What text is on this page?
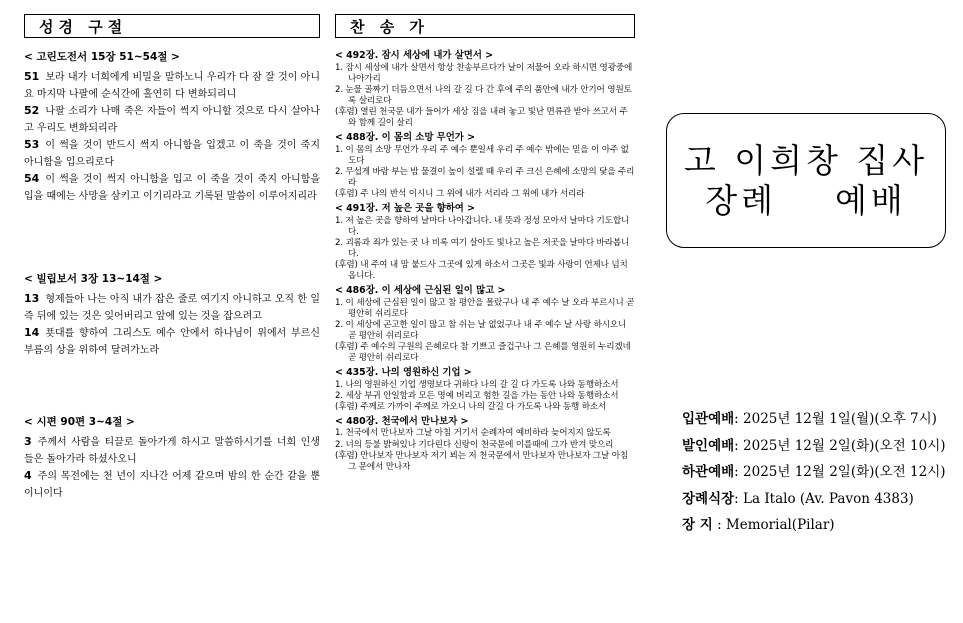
성경 구절

< 고린도전서 15장 51~54절 >

51 보라 내가 너희에게 비밀을 말하노니 우리가 다 잠 잘 것이 아니요 마지막 나팔에 순식간에 홀연히 다 변화되리니

52 나팔 소리가 나매 죽은 자들이 썩지 아니할 것으로 다시 살아나고 우리도 변화되리라

53 이 썩을 것이 반드시 썩지 아니함을 입겠고 이 죽을 것이 죽지 아니함을 입으리로다

54 이 썩을 것이 썩지 아니함을 입고 이 죽을 것이 죽지 아니함을 입을 때에는 사망을 삼키고 이기리라고 기록된 말씀이 이루어지리라

< 빌립보서 3장 13~14절 >

13 형제들아 나는 아직 내가 잡은 줄로 여기지 아니하고 오직 한 일 즉 뒤에 있는 것은 잊어버리고 앞에 있는 것을 잡으려고

14 푯대를 향하여 그리스도 예수 안에서 하나님이 위에서 부르신 부름의 상을 위하여 달려가노라

< 시편 90편 3~4절 >

3 주께서 사람을 티끌로 돌아가게 하시고 말씀하시기를 너희 인생들은 돌아가라 하셨사오니

4 주의 목전에는 천 년이 지나간 어제 같으며 밤의 한 순간 같을 뿐이니이다

찬 송 가

< 492장. 잠시 세상에 내가 살면서 >

1. 잠시 세상에 내가 살면서 항상 찬송부르다가 날이 저물어 오라 하시면 영광중에 나아가리

2. 눈물 골짜기 더듬으면서 나의 갈 길 다 간 후에 주의 품안에 내가 안기어 영원토록 살리로다

(후렴) 열린 천국문 내가 들어가 세상 짐을 내려 놓고 빛난 면류관 받아 쓰고서 주와 함께 길이 살리

< 488장. 이 몸의 소망 무언가 >

1. 이 몸의 소망 무언가 우리 주 예수 뿐일세 우리 주 예수 밖에는 믿을 이 아주 없도다

2. 무섭게 바람 부는 밤 물결이 높이 설렐 때 우리 주 크신 은혜에 소망의 닻을 주리라

(후렴) 주 나의 반석 이시니 그 위에 내가 서리라 그 위에 내가 서리라

< 491장. 저 높은 곳을 향하여 >

1. 저 높은 곳을 향하여 날마다 나아갑니다. 내 뜻과 정성 모아서 날마다 기도합니다.

2. 괴롬과 죄가 있는 곳 나 비록 여기 살아도 빛나고 높은 저곳을 날마다 바라봅니다.

(후렴) 내 주여 내 맘 붙드사 그곳에 있게 하소서 그곳은 빛과 사랑이 언제나 넘치옵니다.

< 486장. 이 세상에 근심된 일이 많고 >

1. 이 세상에 근심된 일이 많고 참 평안을 몰랐구나 내 주 예수 날 오라 부르시니 곧 평안히 쉬리로다

2. 이 세상에 곤고한 일이 많고 참 쉬는 날 없었구나 내 주 예수 날 사랑 하시오니 곧 평안히 쉬리로다

(후렴) 주 예수의 구원의 은혜로다 참 기쁘고 즐겁구나 그 은혜를 영원히 누리겠네 곧 평안히 쉬리로다

< 435장. 나의 영원하신 기업 >

1. 나의 영원하신 기업 생명보다 귀하다 나의 갈 길 다 가도록 나와 동행하소서

2. 세상 부귀 안일함과 모든 명예 버리고 험한 길을 가는 동안 나와 동행하소서

(후렴) 주께로 가까이 주께로 가오니 나의 갈길 다 가도록 나와 동행 하소서

< 480장. 천국에서 만나보자 >

1. 천국에서 만나보자 그날 아침 거기서 순례자여 예비하라 늦어지지 않도록

2. 너의 등불 밝혀있나 기다린다 신랑이 천국문에 이를때에 그가 반겨 맞으리

(후렴) 만나보자 만나보자 저기 뵈는 저 천국문에서 만나보자 만나보자 그날 아침 그 문에서 만나자

고 이희창 집사
장례    예배
입관예배: 2025년 12월 1일(월)(오후 7시)
발인예배: 2025년 12월 2일(화)(오전 10시)
하관예배: 2025년 12월 2일(화)(오전 12시)
장례식장: La Italo (Av. Pavon 4383)
장 지 : Memorial(Pilar)
